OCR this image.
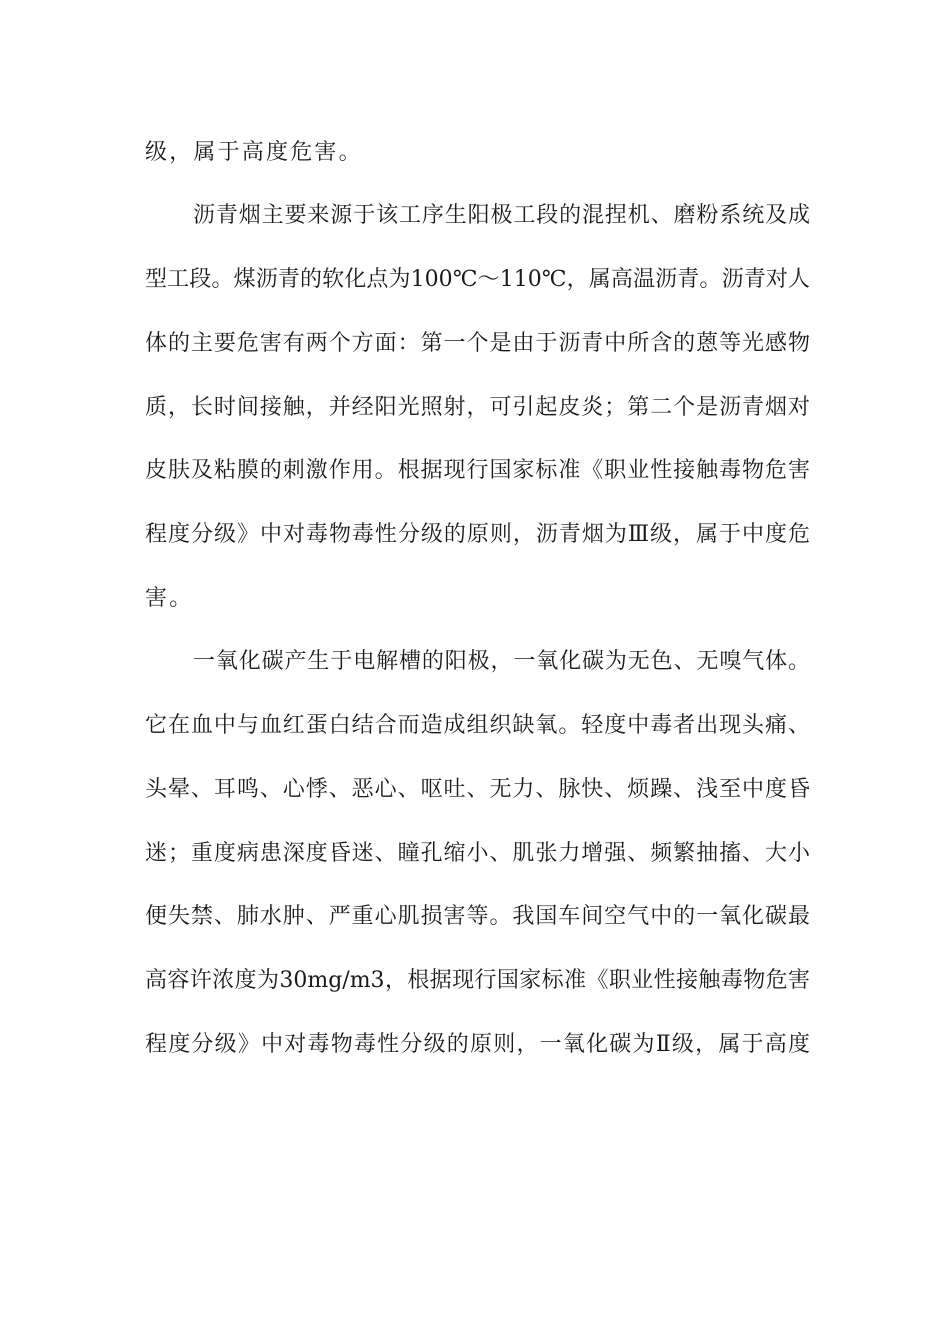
级，属于高度危害。
沥青烟主要来源于该工序生阳极工段的混捏机、磨粉系统及成
型工段。煤沥青的软化点为100℃～110℃，属高温沥青。沥青对人
体的主要危害有两个方面：第一个是由于沥青中所含的蒽等光感物
质，长时间接触，并经阳光照射，可引起皮炎；第二个是沥青烟对
皮肤及粘膜的刺激作用。根据现行国家标准《职业性接触毒物危害
程度分级》中对毒物毒性分级的原则，沥青烟为Ⅲ级，属于中度危
害。
一氧化碳产生于电解槽的阳极，一氧化碳为无色、无嗅气体。
它在血中与血红蛋白结合而造成组织缺氧。轻度中毒者出现头痛、
头晕、耳鸣、心悸、恶心、呕吐、无力、脉快、烦躁、浅至中度昏
迷；重度病患深度昏迷、瞳孔缩小、肌张力增强、频繁抽搐、大小
便失禁、肺水肿、严重心肌损害等。我国车间空气中的一氧化碳最
高容许浓度为30mg/m3，根据现行国家标准《职业性接触毒物危害
程度分级》中对毒物毒性分级的原则，一氧化碳为Ⅱ级，属于高度
